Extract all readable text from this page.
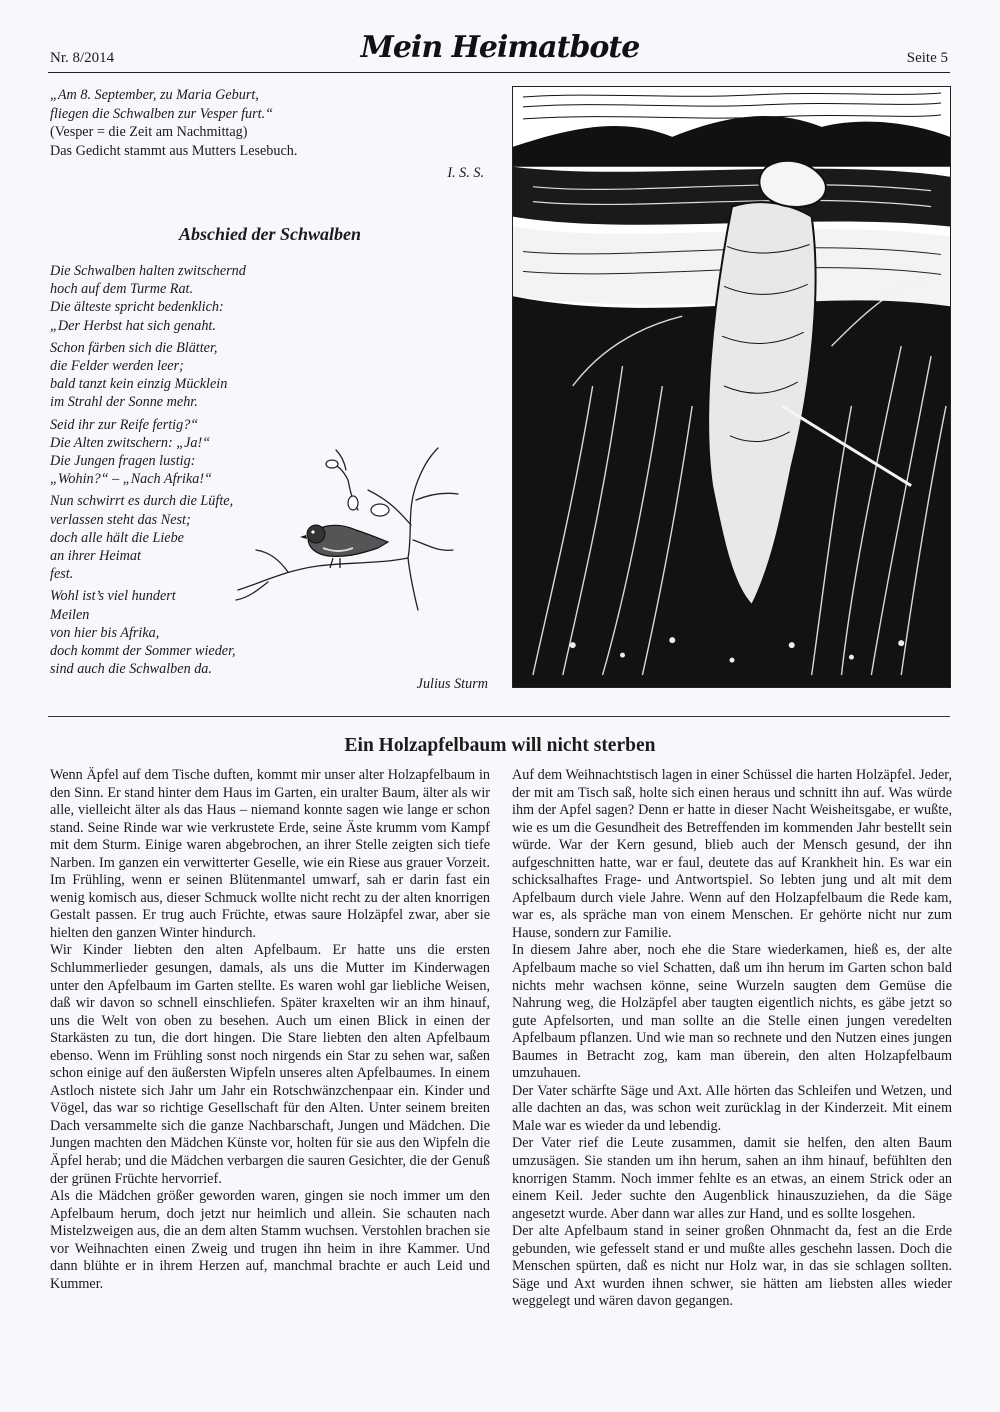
Nr. 8/2014	Mein Heimatbote	Seite 5
„Am 8. September, zu Maria Geburt,
fliegen die Schwalben zur Vesper furt.“
(Vesper = die Zeit am Nachmittag)
Das Gedicht stammt aus Mutters Lesebuch.
I. S. S.
Abschied der Schwalben
Die Schwalben halten zwitschernd
hoch auf dem Turme Rat.
Die älteste spricht bedenklich:
„Der Herbst hat sich genaht.
Schon färben sich die Blätter,
die Felder werden leer;
bald tanzt kein einzig Mücklein
im Strahl der Sonne mehr.
Seid ihr zur Reife fertig?“
Die Alten zwitschern: „Ja!“
Die Jungen fragen lustig:
„Wohin?“ – „Nach Afrika!“
Nun schwirrt es durch die Lüfte,
verlassen steht das Nest;
doch alle hält die Liebe
an ihrer Heimat
fest.
Wohl ist’s viel hundert
Meilen
von hier bis Afrika,
doch kommt der Sommer wieder,
sind auch die Schwalben da.
Julius Sturm
Ein Holzapfelbaum will nicht sterben

Wenn Äpfel auf dem Tische duften, kommt mir unser alter Holzapfelbaum in den Sinn. Er stand hinter dem Haus im Garten, ein uralter Baum, älter als wir alle, vielleicht älter als das Haus – niemand konnte sagen wie lange er schon stand. Seine Rinde war wie verkrustete Erde, seine Äste krumm vom Kampf mit dem Sturm. Einige waren abgebrochen, an ihrer Stelle zeigten sich tiefe Narben. Im ganzen ein verwitterter Geselle, wie ein Riese aus grauer Vorzeit. Im Frühling, wenn er seinen Blütenmantel umwarf, sah er darin fast ein wenig komisch aus, dieser Schmuck wollte nicht recht zu der alten knorrigen Gestalt passen. Er trug auch Früchte, etwas saure Holzäpfel zwar, aber sie hielten den ganzen Winter hindurch.

Wir Kinder liebten den alten Apfelbaum. Er hatte uns die ersten Schlummerlieder gesungen, damals, als uns die Mutter im Kinderwagen unter den Apfelbaum im Garten stellte. Es waren wohl gar liebliche Weisen, daß wir davon so schnell einschliefen. Später kraxelten wir an ihm hinauf, uns die Welt von oben zu besehen. Auch um einen Blick in einen der Starkästen zu tun, die dort hingen. Die Stare liebten den alten Apfelbaum ebenso. Wenn im Frühling sonst noch nirgends ein Star zu sehen war, saßen schon einige auf den äußersten Wipfeln unseres alten Apfelbaumes. In einem Astloch nistete sich Jahr um Jahr ein Rotschwänzchenpaar ein. Kinder und Vögel, das war so richtige Gesellschaft für den Alten. Unter seinem breiten Dach versammelte sich die ganze Nachbarschaft, Jungen und Mädchen. Die Jungen machten den Mädchen Künste vor, holten für sie aus den Wipfeln die Äpfel herab; und die Mädchen verbargen die sauren Gesichter, die der Genuß der grünen Früchte hervorrief.

Als die Mädchen größer geworden waren, gingen sie noch immer um den Apfelbaum herum, doch jetzt nur heimlich und allein. Sie schauten nach Mistelzweigen aus, die an dem alten Stamm wuchsen. Verstohlen brachen sie vor Weihnachten einen Zweig und trugen ihn heim in ihre Kammer. Und dann blühte er in ihrem Herzen auf, manchmal brachte er auch Leid und Kummer.

Auf dem Weihnachtstisch lagen in einer Schüssel die harten Holzäpfel. Jeder, der mit am Tisch saß, holte sich einen heraus und schnitt ihn auf. Was würde ihm der Apfel sagen? Denn er hatte in dieser Nacht Weisheitsgabe, er wußte, wie es um die Gesundheit des Betreffenden im kommenden Jahr bestellt sein würde. War der Kern gesund, blieb auch der Mensch gesund, der ihn aufgeschnitten hatte, war er faul, deutete das auf Krankheit hin. Es war ein schicksalhaftes Frage- und Antwortspiel. So lebten jung und alt mit dem Apfelbaum durch viele Jahre. Wenn auf den Holzapfelbaum die Rede kam, war es, als spräche man von einem Menschen. Er gehörte nicht nur zum Hause, sondern zur Familie.

In diesem Jahre aber, noch ehe die Stare wiederkamen, hieß es, der alte Apfelbaum mache so viel Schatten, daß um ihn herum im Garten schon bald nichts mehr wachsen könne, seine Wurzeln saugten dem Gemüse die Nahrung weg, die Holzäpfel aber taugten eigentlich nichts, es gäbe jetzt so gute Apfelsorten, und man sollte an die Stelle einen jungen veredelten Apfelbaum pflanzen. Und wie man so rechnete und den Nutzen eines jungen Baumes in Betracht zog, kam man überein, den alten Holzapfelbaum umzuhauen.

Der Vater schärfte Säge und Axt. Alle hörten das Schleifen und Wetzen, und alle dachten an das, was schon weit zurücklag in der Kinderzeit. Mit einem Male war es wieder da und lebendig.

Der Vater rief die Leute zusammen, damit sie helfen, den alten Baum umzusägen. Sie standen um ihn herum, sahen an ihm hinauf, befühlten den knorrigen Stamm. Noch immer fehlte es an etwas, an einem Strick oder an einem Keil. Jeder suchte den Augenblick hinauszuziehen, da die Säge angesetzt wurde. Aber dann war alles zur Hand, und es sollte losgehen.

Der alte Apfelbaum stand in seiner großen Ohnmacht da, fest an die Erde gebunden, wie gefesselt stand er und mußte alles geschehn lassen. Doch die Menschen spürten, daß es nicht nur Holz war, in das sie schlagen sollten. Säge und Axt wurden ihnen schwer, sie hätten am liebsten alles wieder weggelegt und wären davon gegangen.
